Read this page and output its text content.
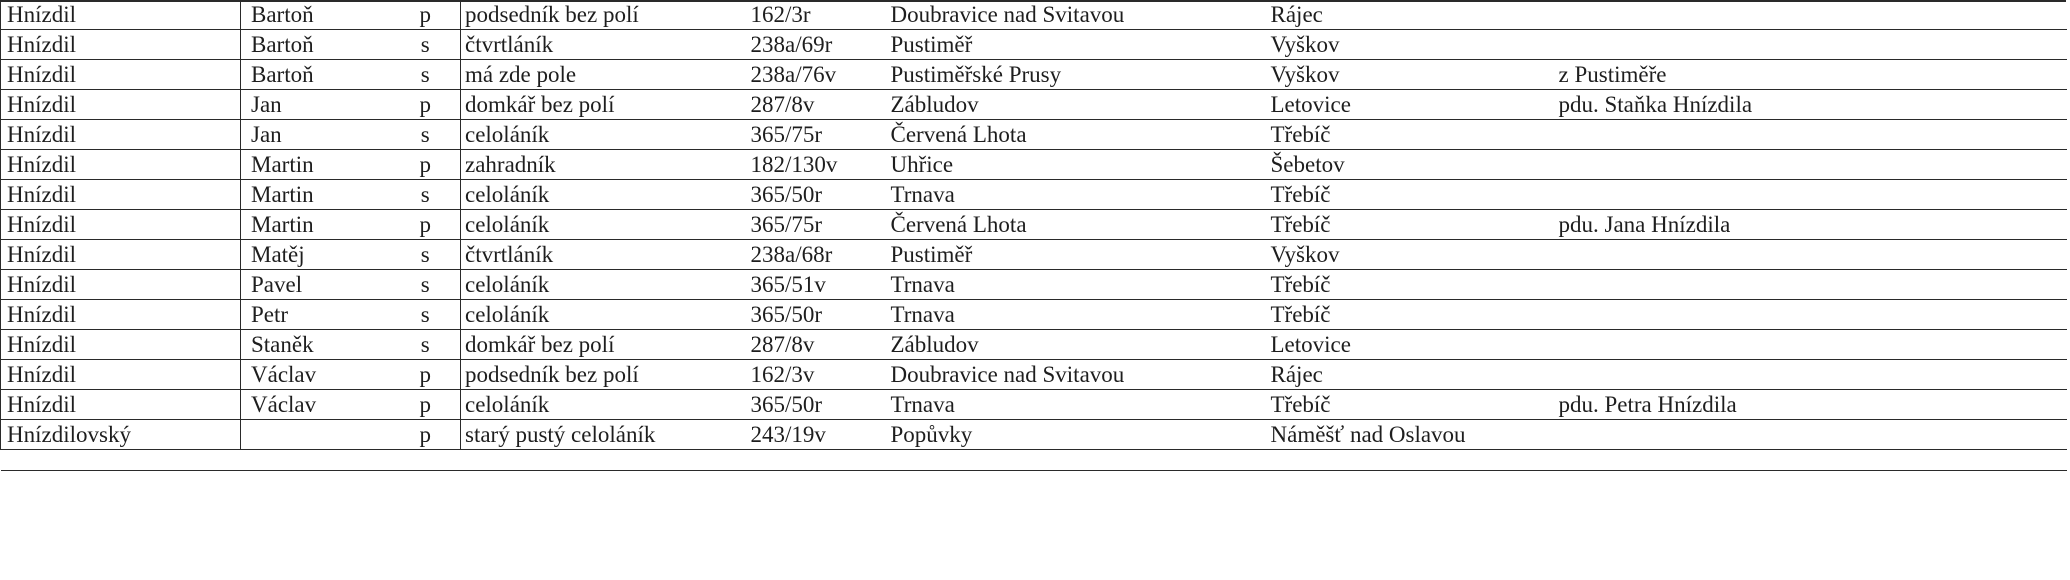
Hnízdil	Bartoň	p	podsedník bez polí	162/3r	Doubravice nad Svitavou	Rájec	
Hnízdil	Bartoň	s	čtvrtláník	238a/69r	Pustiměř	Vyškov	
Hnízdil	Bartoň	s	má zde pole	238a/76v	Pustiměřské Prusy	Vyškov	z Pustiměře
Hnízdil	Jan	p	domkář bez polí	287/8v	Zábludov	Letovice	pdu. Staňka Hnízdila
Hnízdil	Jan	s	celoláník	365/75r	Červená Lhota	Třebíč	
Hnízdil	Martin	p	zahradník	182/130v	Uhřice	Šebetov	
Hnízdil	Martin	s	celoláník	365/50r	Trnava	Třebíč	
Hnízdil	Martin	p	celoláník	365/75r	Červená Lhota	Třebíč	pdu. Jana Hnízdila
Hnízdil	Matěj	s	čtvrtláník	238a/68r	Pustiměř	Vyškov	
Hnízdil	Pavel	s	celoláník	365/51v	Trnava	Třebíč	
Hnízdil	Petr	s	celoláník	365/50r	Trnava	Třebíč	
Hnízdil	Staněk	s	domkář bez polí	287/8v	Zábludov	Letovice	
Hnízdil	Václav	p	podsedník bez polí	162/3v	Doubravice nad Svitavou	Rájec	
Hnízdil	Václav	p	celoláník	365/50r	Trnava	Třebíč	pdu. Petra Hnízdila
Hnízdilovský		p	starý pustý celoláník	243/19v	Popůvky	Náměšť nad Oslavou	
